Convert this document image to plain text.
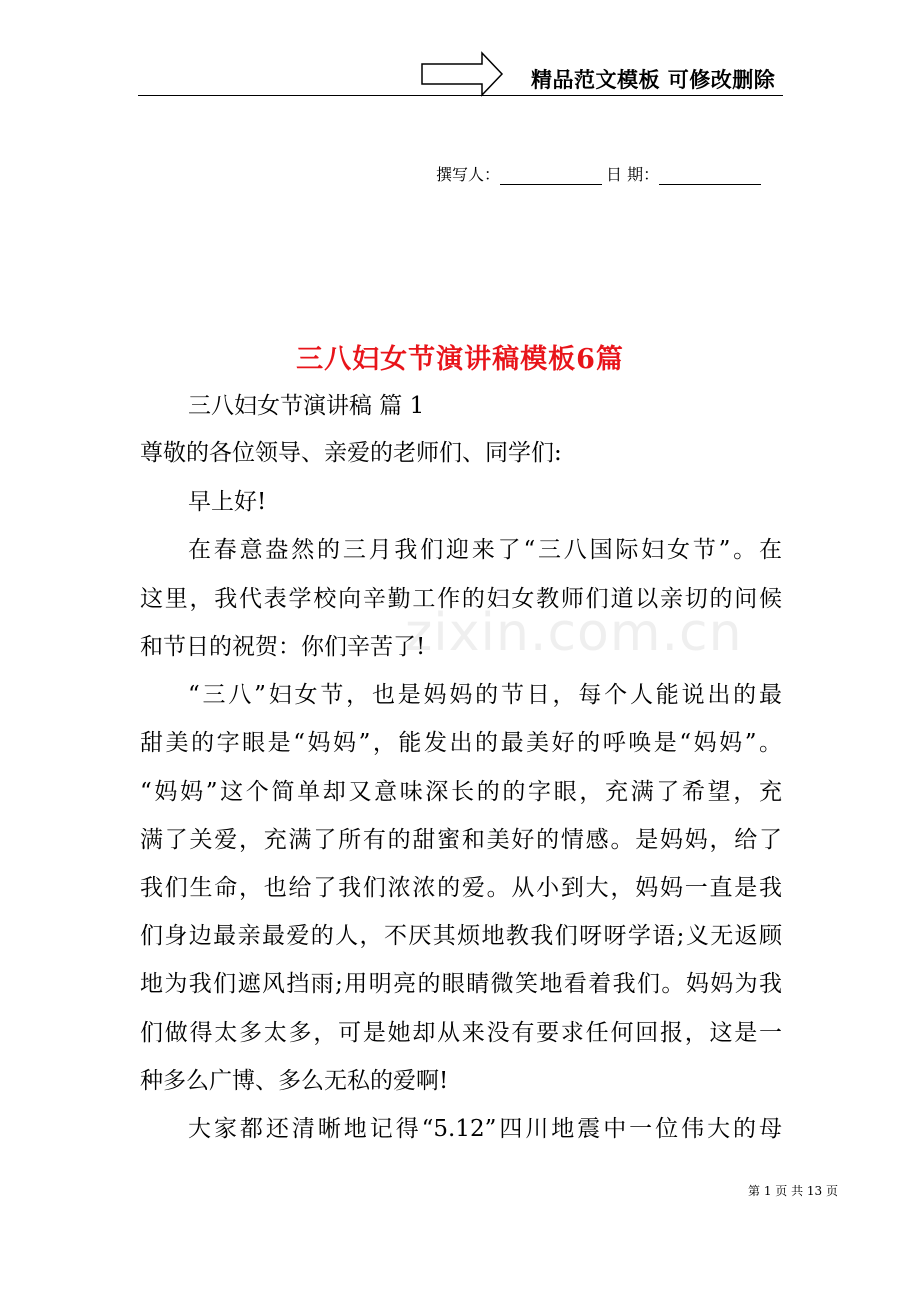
精品范文模板 可修改删除
撰写人：	日 期：
三八妇女节演讲稿模板6篇
三八妇女节演讲稿 篇 1
尊敬的各位领导、亲爱的老师们、同学们:
早上好!
在春意盎然的三月我们迎来了“三八国际妇女节”。在
这里，我代表学校向辛勤工作的妇女教师们道以亲切的问候
和节日的祝贺：你们辛苦了!
“三八”妇女节，也是妈妈的节日，每个人能说出的最
甜美的字眼是“妈妈”，能发出的最美好的呼唤是“妈妈”。
“妈妈”这个简单却又意味深长的的字眼，充满了希望，充
满了关爱，充满了所有的甜蜜和美好的情感。是妈妈，给了
我们生命，也给了我们浓浓的爱。从小到大，妈妈一直是我
们身边最亲最爱的人，不厌其烦地教我们呀呀学语;义无返顾
地为我们遮风挡雨;用明亮的眼睛微笑地看着我们。妈妈为我
们做得太多太多，可是她却从来没有要求任何回报，这是一
种多么广博、多么无私的爱啊!
大家都还清晰地记得“5.12”四川地震中一位伟大的母
zixin.com.cn
第 1 页 共 13 页
